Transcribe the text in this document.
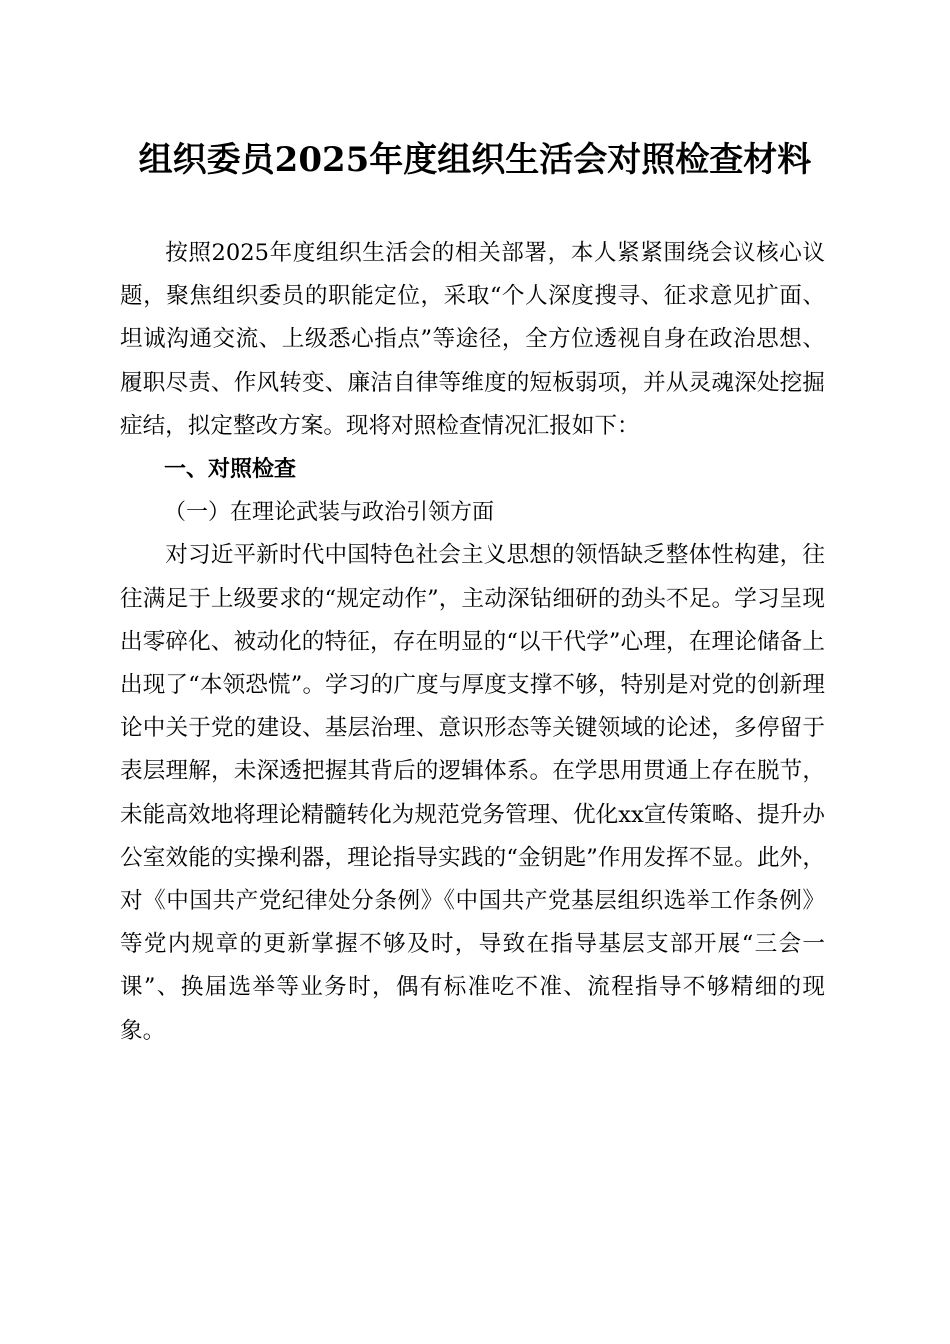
组织委员2025年度组织生活会对照检查材料

按照2025年度组织生活会的相关部署，本人紧紧围绕会议核心议题，聚焦组织委员的职能定位，采取“个人深度搜寻、征求意见扩面、坦诚沟通交流、上级悉心指点”等途径，全方位透视自身在政治思想、履职尽责、作风转变、廉洁自律等维度的短板弱项，并从灵魂深处挖掘症结，拟定整改方案。现将对照检查情况汇报如下：

一、对照检查

（一）在理论武装与政治引领方面

对习近平新时代中国特色社会主义思想的领悟缺乏整体性构建，往往满足于上级要求的“规定动作”，主动深钻细研的劲头不足。学习呈现出零碎化、被动化的特征，存在明显的“以干代学”心理，在理论储备上出现了“本领恐慌”。学习的广度与厚度支撑不够，特别是对党的创新理论中关于党的建设、基层治理、意识形态等关键领域的论述，多停留于表层理解，未深透把握其背后的逻辑体系。在学思用贯通上存在脱节，未能高效地将理论精髓转化为规范党务管理、优化xx宣传策略、提升办公室效能的实操利器，理论指导实践的“金钥匙”作用发挥不显。此外，对《中国共产党纪律处分条例》《中国共产党基层组织选举工作条例》等党内规章的更新掌握不够及时，导致在指导基层支部开展“三会一课”、换届选举等业务时，偶有标准吃不准、流程指导不够精细的现象。
